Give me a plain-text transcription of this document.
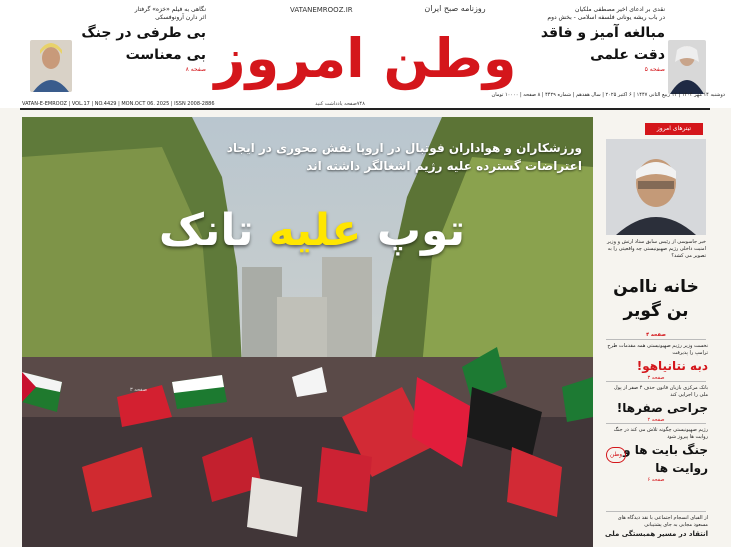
نگاهی به فیلم «خزه» گرفتار
اثر دارن آرونوفسکی
بی طرفی در جنگ بی معناست
صفحه ۸
VATANEMROOZ.IR	روزنامه صبح ایران
وطن امروز
نقدی بر ادعای اخیر مصطفی ملکیان
در باب ریشه یونانی فلسفه اسلامی - بخش دوم
مبالغه آمیز و فاقد دقت علمی
صفحه ۵
دوشنبه ۱۴ مهر ۱۴۰۴ | ۱۴ ربیع الثانی ۱۴۴۷ | ۶ اکتبر ۲۰۲۵ | سال هفدهم | شماره ۴۴۲۹ | ۸ صفحه | ۱۰۰۰۰ تومان
VATAN-E-EMROOZ | VOL.17 | NO.4429 | MON.OCT 06. 2025 | ISSN 2008-2886	۷۴۸صفحه یادداشت کنید
ورزشکاران و هواداران فوتبال در اروپا نقش محوری در ایجاد اعتراضات گسترده علیه رژیم اشغالگر داشته اند
توپ علیه تانک
صفحه ۳
تیترهای امروز
خبر جاسوسی از رئیس سابق ستاد ارتش و وزیر امنیت داخلی رژیم صهیونیستی چه واقعیتی را به تصویر می کشد؟
خانه ناامن بن گویر
صفحه ۴
نخست وزیر رژیم صهیونیستی همه مقدمات طرح ترامپ را پذیرفت
دبه نتانیاهو!
صفحه ۳
بانک مرکزی بازبان قانون حذف ۴ صفر از پول ملی را اجرایی کند
جراحی صفرها!
صفحه ۲
رژیم صهیونیستی چگونه تلاش می کند در جنگ روایت ها پیروز شود
جنگ بایت ها و روایت ها
صفحه ۶
وطن
از الفبای انسجام اجتماعی با نقد دیدگاه های مسعود مجابی به جای پشتیبانی
انتقاد در مسیر همبستگی ملی
